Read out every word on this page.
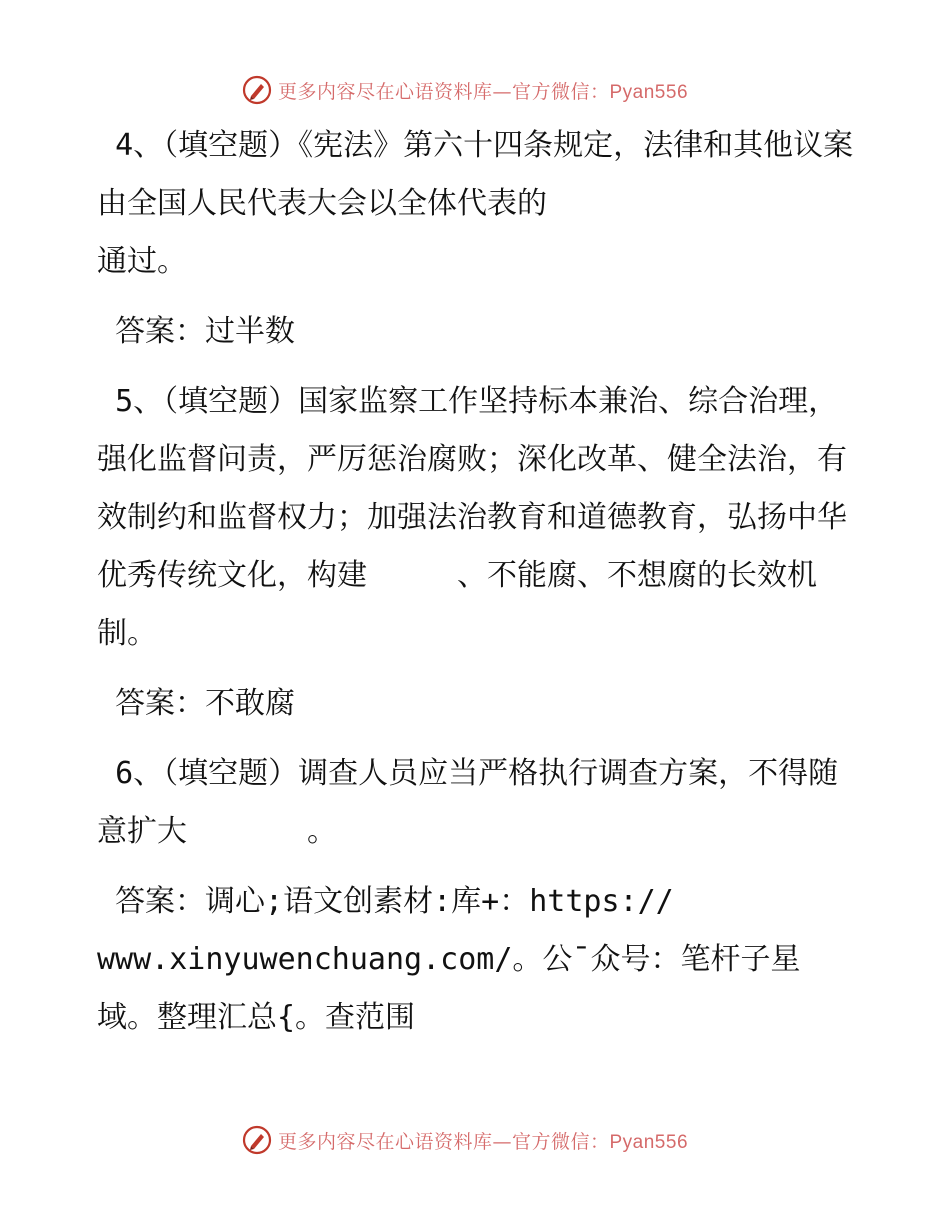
更多内容尽在心语资料库—官方微信：Pyan556

4、（填空题）《宪法》第六十四条规定，法律和其他议案由全国人民代表大会以全体代表的　　　　　
通过。

答案：过半数

5、（填空题）国家监察工作坚持标本兼治、综合治理，强化监督问责，严厉惩治腐败；深化改革、健全法治，有效制约和监督权力；加强法治教育和道德教育，弘扬中华优秀传统文化，构建　　　、不能腐、不想腐的长效机制。

答案：不敢腐

6、（填空题）调查人员应当严格执行调查方案，不得随意扩大　　　　。

答案：调心;语文创素材:库+：https://
www.xinyuwenchuang.com/。公¯众号：笔杆子星域。整理汇总{。查范围

更多内容尽在心语资料库—官方微信：Pyan556
